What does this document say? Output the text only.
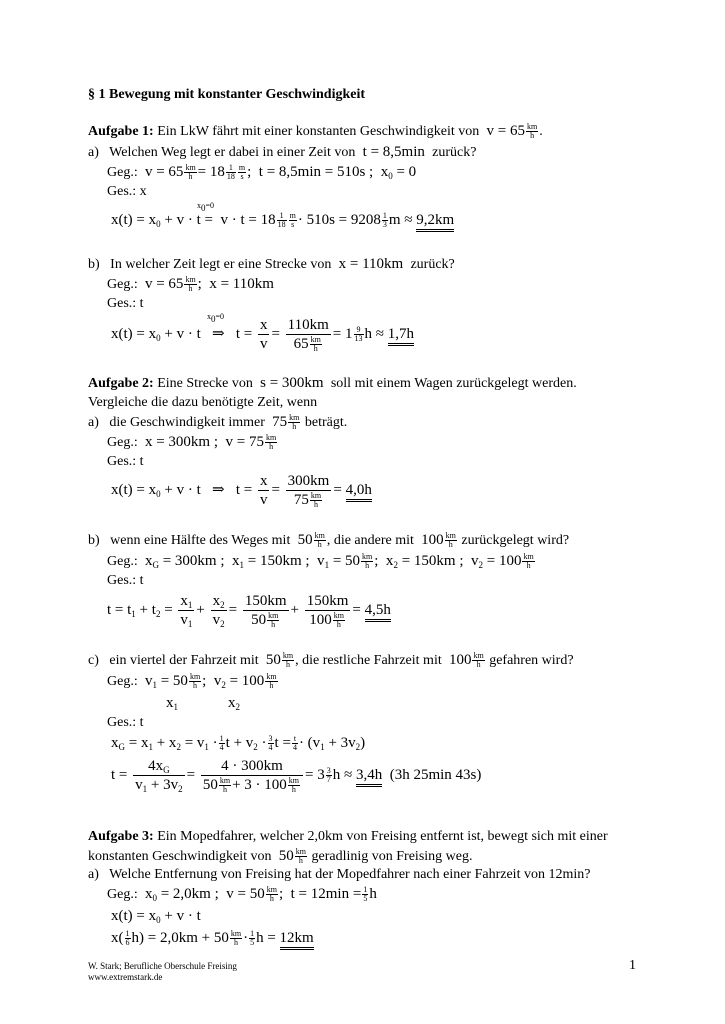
§ 1 Bewegung mit konstanter Geschwindigkeit
Aufgabe 1: Ein LkW fährt mit einer konstanten Geschwindigkeit von  $v = 65 \frac{km}{h}$ .
a) Welchen Weg legt er dabei in einer Zeit von  t = 8,5min  zurück?
Geg.:  $v = 65 \frac{km}{h} = 18 \frac{1}{18} \frac{m}{s}$ ;  t = 8,5min = 510s ;  $x_0 = 0$
Ges.: x
$x_0=0$
$x(t) = x_0 + v \cdot t = v \cdot t = 18 \frac{1}{18} \frac{m}{s} \cdot 510s = 9208 \frac{1}{3}$ m ≈ 9,2km
b) In welcher Zeit legt er eine Strecke von  x = 110km  zurück?
Geg.:  $v = 65 \frac{km}{h}$ ;  x = 110km
Ges.: t
$x_0=0$
$x(t) = x_0 + v \cdot t$   ⇒   $t = \frac{x}{v}$ =
110km
$65 \frac{km}{h}$
= $1 \frac{9}{13}$ h ≈ 1,7h
Aufgabe 2: Eine Strecke von  s = 300km  soll mit einem Wagen zurückgelegt werden.
Vergleiche die dazu benötigte Zeit, wenn
a) die Geschwindigkeit immer  $75 \frac{km}{h}$ beträgt.
Geg.:  x = 300km ;  $v = 75 \frac{km}{h}$
Ges.: t
$x(t) = x_0 + v \cdot t$   ⇒   $t = \frac{x}{v}$ =
300km
$75 \frac{km}{h}$
= 4,0h
b) wenn eine Hälfte des Weges mit  $50 \frac{km}{h}$ , die andere mit  $100 \frac{km}{h}$ zurückgelegt wird?
Geg.:  $x_G = 300km$ ;  $x_1 = 150km$ ;  $v_1 = 50 \frac{km}{h}$ ;  $x_2 = 150km$ ;  $v_2 = 100 \frac{km}{h}$
Ges.: t
$t = t_1 + t_2 = \frac{x_1}{v_1} + \frac{x_2}{v_2}$ =
150km
$50 \frac{km}{h}$
+
150km
$100 \frac{km}{h}$
= 4,5h
c) ein viertel der Fahrzeit mit  $50 \frac{km}{h}$ , die restliche Fahrzeit mit  $100 \frac{km}{h}$ gefahren wird?
Geg.:  $v_1 = 50 \frac{km}{h}$ ;  $v_2 = 100 \frac{km}{h}$
$x_1$	$x_2$
Ges.: t
$x_G = x_1 + x_2 = v_1 \cdot \frac{1}{4}$ $t + v_2 \cdot \frac{3}{4}$ $t = \frac{t}{4} \cdot (v_1 + 3v_2)$
$t = \frac{4x_G}{v_1 + 3v_2}$ =
4 · 300km
$50 \frac{km}{h} + 3 \cdot 100 \frac{km}{h}$
= $3 \frac{3}{7}$ h ≈ 3,4h  (3h 25min 43s)
Aufgabe 3: Ein Mopedfahrer, welcher 2,0km von Freising entfernt ist, bewegt sich mit einer
konstanten Geschwindigkeit von  $50 \frac{km}{h}$ geradlinig von Freising weg.
a) Welche Entfernung von Freising hat der Mopedfahrer nach einer Fahrzeit von 12min?
Geg.:  $x_0 = 2,0km$ ;  $v = 50 \frac{km}{h}$ ;  $t = 12\min = \frac{1}{5}$ h
$x(t) = x_0 + v \cdot t$
$x( \frac{1}{6} h) = 2,0km + 50 \frac{km}{h} \cdot \frac{1}{5}$ h = 12km
W. Stark; Berufliche Oberschule Freising
www.extremstark.de
1
